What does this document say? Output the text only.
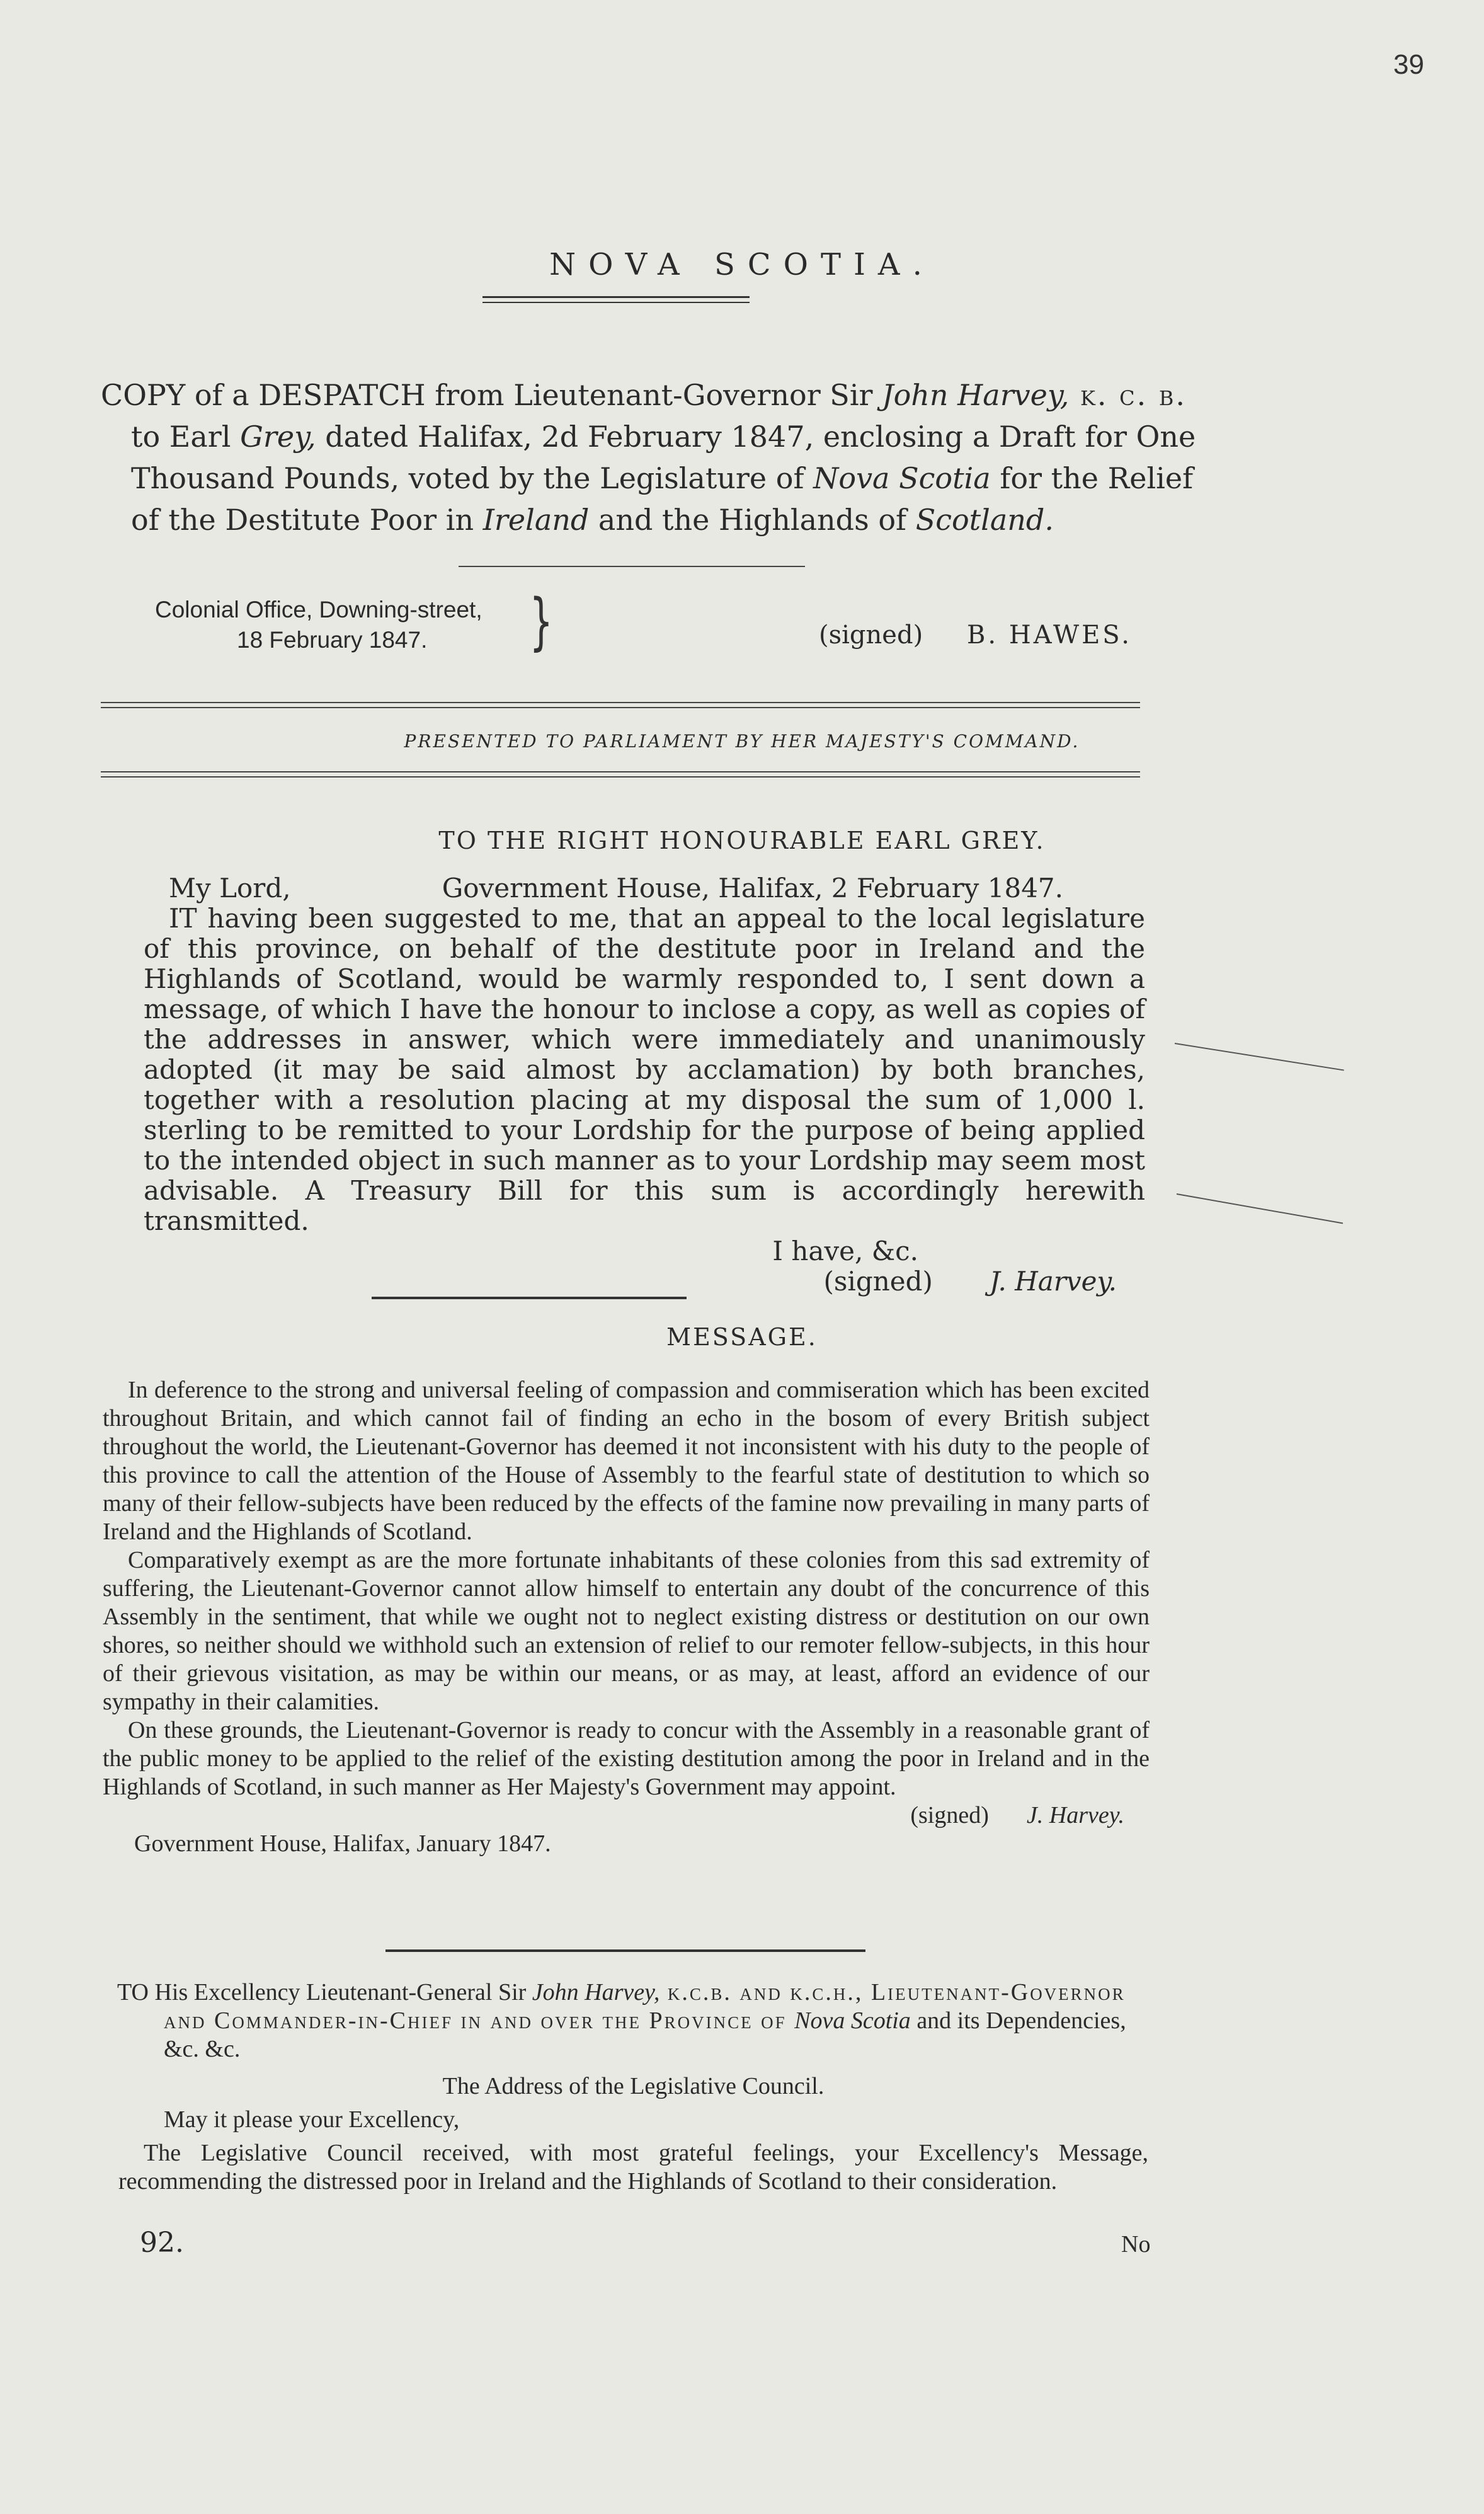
39
NOVA SCOTIA.

COPY of a DESPATCH from Lieutenant-Governor Sir John Harvey, k. c. b. to Earl Grey, dated Halifax, 2d February 1847, enclosing a Draft for One Thousand Pounds, voted by the Legislature of Nova Scotia for the Relief of the Destitute Poor in Ireland and the Highlands of Scotland.

Colonial Office, Downing-street,
18 February 1847.	}	(signed) B. HAWES.
PRESENTED TO PARLIAMENT BY HER MAJESTY'S COMMAND.
TO THE RIGHT HONOURABLE EARL GREY.
My Lord,	Government House, Halifax, 2 February 1847.

IT having been suggested to me, that an appeal to the local legislature of this province, on behalf of the destitute poor in Ireland and the Highlands of Scotland, would be warmly responded to, I sent down a message, of which I have the honour to inclose a copy, as well as copies of the addresses in answer, which were immediately and unanimously adopted (it may be said almost by acclamation) by both branches, together with a resolution placing at my disposal the sum of 1,000 l. sterling to be remitted to your Lordship for the purpose of being applied to the intended object in such manner as to your Lordship may seem most advisable. A Treasury Bill for this sum is accordingly herewith transmitted.

I have, &c.
(signed) J. Harvey.
MESSAGE.

In deference to the strong and universal feeling of compassion and commiseration which has been excited throughout Britain, and which cannot fail of finding an echo in the bosom of every British subject throughout the world, the Lieutenant-Governor has deemed it not inconsistent with his duty to the people of this province to call the attention of the House of Assembly to the fearful state of destitution to which so many of their fellow-subjects have been reduced by the effects of the famine now prevailing in many parts of Ireland and the Highlands of Scotland.

Comparatively exempt as are the more fortunate inhabitants of these colonies from this sad extremity of suffering, the Lieutenant-Governor cannot allow himself to entertain any doubt of the concurrence of this Assembly in the sentiment, that while we ought not to neglect existing distress or destitution on our own shores, so neither should we withhold such an extension of relief to our remoter fellow-subjects, in this hour of their grievous visitation, as may be within our means, or as may, at least, afford an evidence of our sympathy in their calamities.

On these grounds, the Lieutenant-Governor is ready to concur with the Assembly in a reasonable grant of the public money to be applied to the relief of the existing destitution among the poor in Ireland and in the Highlands of Scotland, in such manner as Her Majesty's Government may appoint.

(signed) J. Harvey.
Government House, Halifax, January 1847.
TO His Excellency Lieutenant-General Sir John Harvey, k.c.b. and k.c.h., Lieutenant-Governor and Commander-in-Chief in and over the Province of Nova Scotia and its Dependencies, &c. &c.
The Address of the Legislative Council.
May it please your Excellency,
The Legislative Council received, with most grateful feelings, your Excellency's Message, recommending the distressed poor in Ireland and the Highlands of Scotland to their consideration.
92.	No
